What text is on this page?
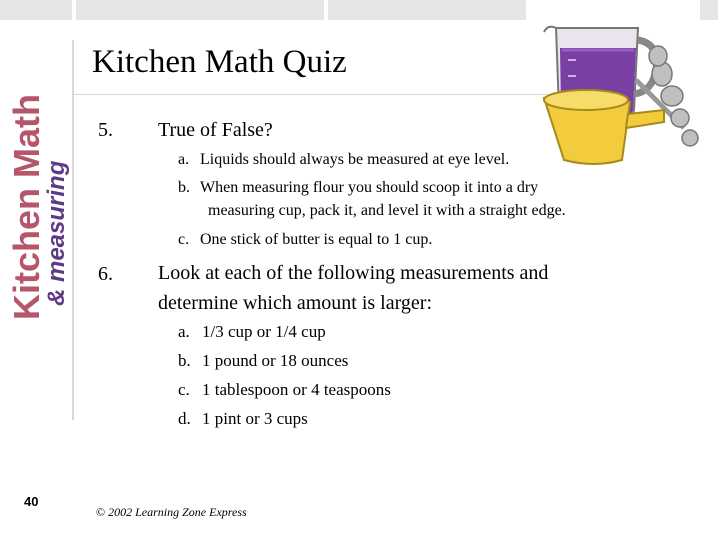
Kitchen Math
& measuring
Kitchen Math Quiz
5. True of False?
a. Liquids should always be measured at eye level.
b. When measuring flour you should scoop it into a dry
measuring cup, pack it, and level it with a straight edge.
c. One stick of butter is equal to 1 cup.
6. Look at each of the following measurements and
determine which amount is larger:
a. 1/3 cup or 1/4 cup
b. 1 pound or 18 ounces
c. 1 tablespoon or 4 teaspoons
d. 1 pint or 3 cups
40
© 2002 Learning Zone Express
